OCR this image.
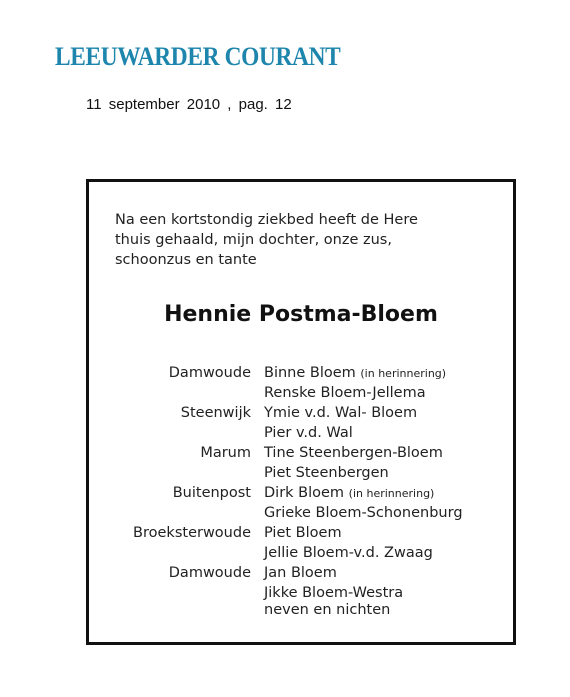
LEEUWARDER COURANT
11 september 2010 , pag. 12
Na een kortstondig ziekbed heeft de Here
thuis gehaald, mijn dochter, onze zus,
schoonzus en tante
Hennie Postma-Bloem
Damwoude Binne Bloem (in herinnering)
Renske Bloem-Jellema
Steenwijk Ymie v.d. Wal- Bloem
Pier v.d. Wal
Marum Tine Steenbergen-Bloem
Piet Steenbergen
Buitenpost Dirk Bloem (in herinnering)
Grieke Bloem-Schonenburg
Broeksterwoude Piet Bloem
Jellie Bloem-v.d. Zwaag
Damwoude Jan Bloem
Jikke Bloem-Westra
neven en nichten
